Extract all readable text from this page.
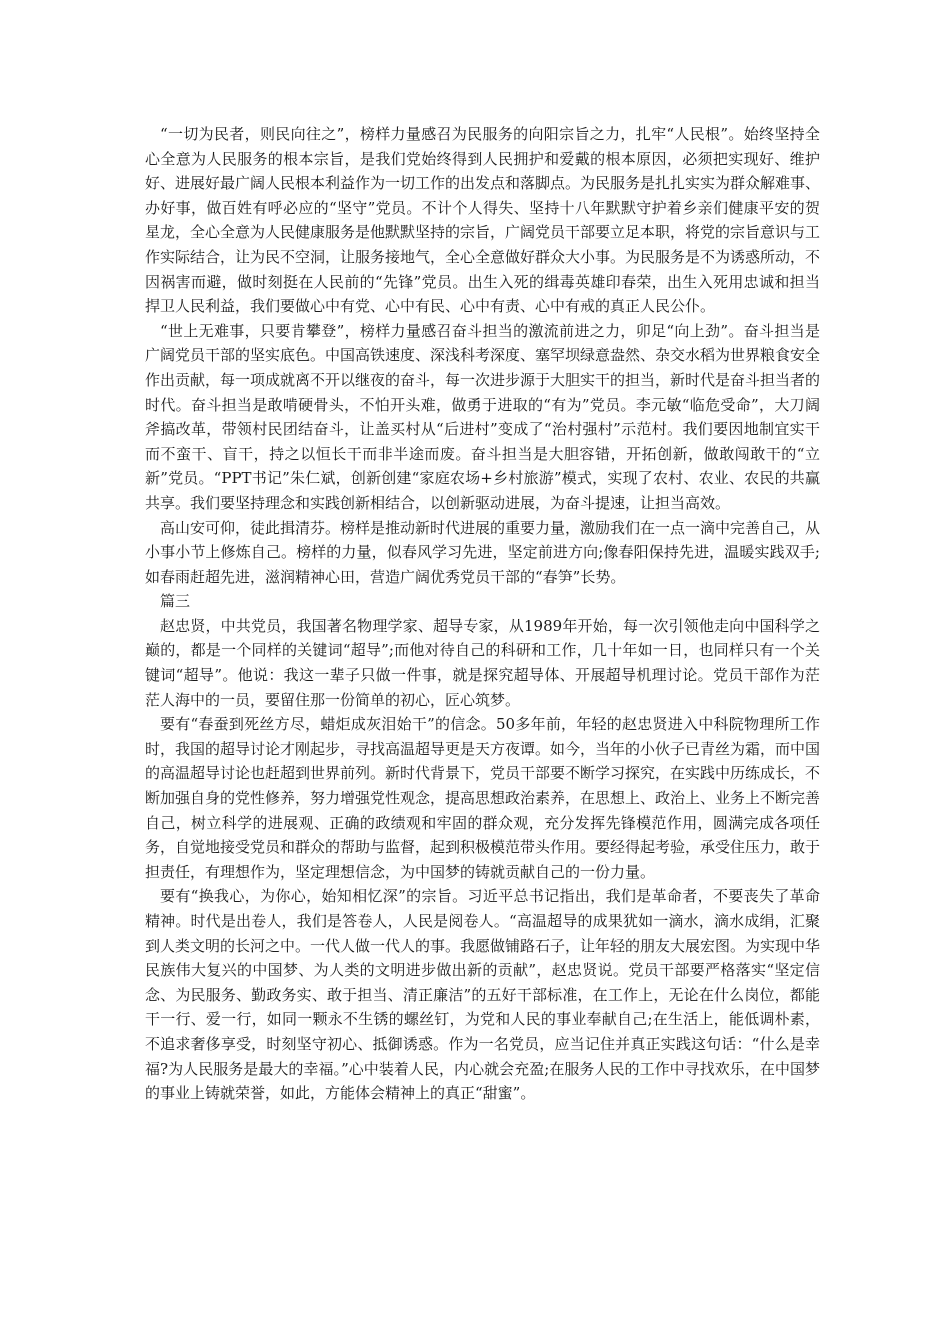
“一切为民者，则民向往之”，榜样力量感召为民服务的向阳宗旨之力，扎牢“人民根”。始终坚持全心全意为人民服务的根本宗旨，是我们党始终得到人民拥护和爱戴的根本原因，必须把实现好、维护好、进展好最广阔人民根本利益作为一切工作的出发点和落脚点。为民服务是扎扎实实为群众解难事、办好事，做百姓有呼必应的“坚守”党员。不计个人得失、坚持十八年默默守护着乡亲们健康平安的贺星龙，全心全意为人民健康服务是他默默坚持的宗旨，广阔党员干部要立足本职，将党的宗旨意识与工作实际结合，让为民不空洞，让服务接地气，全心全意做好群众大小事。为民服务是不为诱惑所动，不因祸害而避，做时刻挺在人民前的“先锋”党员。出生入死的缉毒英雄印春荣，出生入死用忠诚和担当捍卫人民利益，我们要做心中有党、心中有民、心中有责、心中有戒的真正人民公仆。

“世上无难事，只要肯攀登”，榜样力量感召奋斗担当的激流前进之力，卯足“向上劲”。奋斗担当是广阔党员干部的坚实底色。中国高铁速度、深浅科考深度、塞罕坝绿意盎然、杂交水稻为世界粮食安全作出贡献，每一项成就离不开以继夜的奋斗，每一次进步源于大胆实干的担当，新时代是奋斗担当者的时代。奋斗担当是敢啃硬骨头，不怕开头难，做勇于进取的“有为”党员。李元敏“临危受命”，大刀阔斧搞改革，带领村民团结奋斗，让盖买村从“后进村”变成了“治村强村”示范村。我们要因地制宜实干而不蛮干、盲干，持之以恒长干而非半途而废。奋斗担当是大胆容错，开拓创新，做敢闯敢干的“立新”党员。“PPT书记”朱仁斌，创新创建“家庭农场+乡村旅游”模式，实现了农村、农业、农民的共赢共享。我们要坚持理念和实践创新相结合，以创新驱动进展，为奋斗提速，让担当高效。

高山安可仰，徒此揖清芬。榜样是推动新时代进展的重要力量，激励我们在一点一滴中完善自己，从小事小节上修炼自己。榜样的力量，似春风学习先进，坚定前进方向;像春阳保持先进，温暖实践双手;如春雨赶超先进，滋润精神心田，营造广阔优秀党员干部的“春笋”长势。

篇三

赵忠贤，中共党员，我国著名物理学家、超导专家，从1989年开始，每一次引领他走向中国科学之巅的，都是一个同样的关键词“超导”;而他对待自己的科研和工作，几十年如一日，也同样只有一个关键词“超导”。他说：我这一辈子只做一件事，就是探究超导体、开展超导机理讨论。党员干部作为茫茫人海中的一员，要留住那一份简单的初心，匠心筑梦。

要有“春蚕到死丝方尽，蜡炬成灰泪始干”的信念。50多年前，年轻的赵忠贤进入中科院物理所工作时，我国的超导讨论才刚起步，寻找高温超导更是天方夜谭。如今，当年的小伙子已青丝为霜，而中国的高温超导讨论也赶超到世界前列。新时代背景下，党员干部要不断学习探究，在实践中历练成长，不断加强自身的党性修养，努力增强党性观念，提高思想政治素养，在思想上、政治上、业务上不断完善自己，树立科学的进展观、正确的政绩观和牢固的群众观，充分发挥先锋模范作用，圆满完成各项任务，自觉地接受党员和群众的帮助与监督，起到积极模范带头作用。要经得起考验，承受住压力，敢于担责任，有理想作为，坚定理想信念，为中国梦的铸就贡献自己的一份力量。

要有“换我心，为你心，始知相忆深”的宗旨。习近平总书记指出，我们是革命者，不要丧失了革命精神。时代是出卷人，我们是答卷人，人民是阅卷人。“高温超导的成果犹如一滴水，滴水成绢，汇聚到人类文明的长河之中。一代人做一代人的事。我愿做铺路石子，让年轻的朋友大展宏图。为实现中华民族伟大复兴的中国梦、为人类的文明进步做出新的贡献”，赵忠贤说。党员干部要严格落实“坚定信念、为民服务、勤政务实、敢于担当、清正廉洁”的五好干部标准，在工作上，无论在什么岗位，都能干一行、爱一行，如同一颗永不生锈的螺丝钉，为党和人民的事业奉献自己;在生活上，能低调朴素，不追求奢侈享受，时刻坚守初心、抵御诱惑。作为一名党员，应当记住并真正实践这句话：“什么是幸福?为人民服务是最大的幸福。”心中装着人民，内心就会充盈;在服务人民的工作中寻找欢乐，在中国梦的事业上铸就荣誉，如此，方能体会精神上的真正“甜蜜”。
